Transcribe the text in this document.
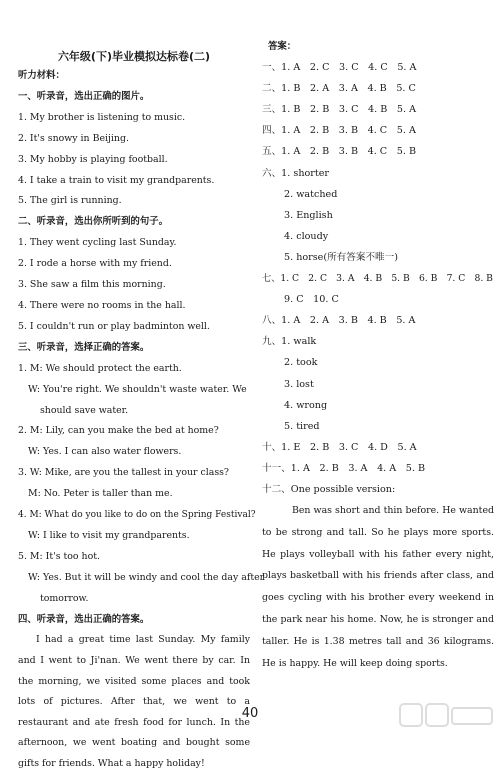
六年级(下)毕业模拟达标卷(二)

听力材料：

一、听录音，选出正确的图片。

1. My brother is listening to music.

2. It's snowy in Beijing.

3. My hobby is playing football.

4. I take a train to visit my grandparents.

5. The girl is running.

二、听录音，选出你所听到的句子。

1. They went cycling last Sunday.

2. I rode a horse with my friend.

3. She saw a film this morning.

4. There were no rooms in the hall.

5. I couldn't run or play badminton well.

三、听录音，选择正确的答案。

1. M: We should protect the earth.

W: You're right. We shouldn't waste water. We

should save water.

2. M: Lily, can you make the bed at home?

W: Yes. I can also water flowers.

3. W: Mike, are you the tallest in your class?

M: No. Peter is taller than me.

4. M: What do you like to do on the Spring Festival?

W: I like to visit my grandparents.

5. M: It's too hot.

W: Yes. But it will be windy and cool the day after

tomorrow.

四、听录音，选出正确的答案。

I had a great time last Sunday. My family and I went to Ji'nan. We went there by car. In the morning, we visited some places and took lots of pictures. After that, we went to a restaurant and ate fresh food for lunch. In the afternoon, we went boating and bought some gifts for friends. What a happy holiday!

答案：

一、1. A　2. C　3. C　4. C　5. A

二、1. B　2. A　3. A　4. B　5. C

三、1. B　2. B　3. C　4. B　5. A

四、1. A　2. B　3. B　4. C　5. A

五、1. A　2. B　3. B　4. C　5. B

六、1. shorter

2. watched

3. English

4. cloudy

5. horse(所有答案不唯一)

七、1. C　2. C　3. A　4. B　5. B　6. B　7. C　8. B

9. C　10. C

八、1. A　2. A　3. B　4. B　5. A

九、1. walk

2. took

3. lost

4. wrong

5. tired

十、1. E　2. B　3. C　4. D　5. A

十一、1. A　2. B　3. A　4. A　5. B

十二、One possible version:

Ben was short and thin before. He wanted to be strong and tall. So he plays more sports. He plays volleyball with his father every night, plays basketball with his friends after class, and goes cycling with his brother every weekend in the park near his home. Now, he is stronger and taller. He is 1.38 metres tall and 36 kilograms. He is happy. He will keep doing sports.

40
